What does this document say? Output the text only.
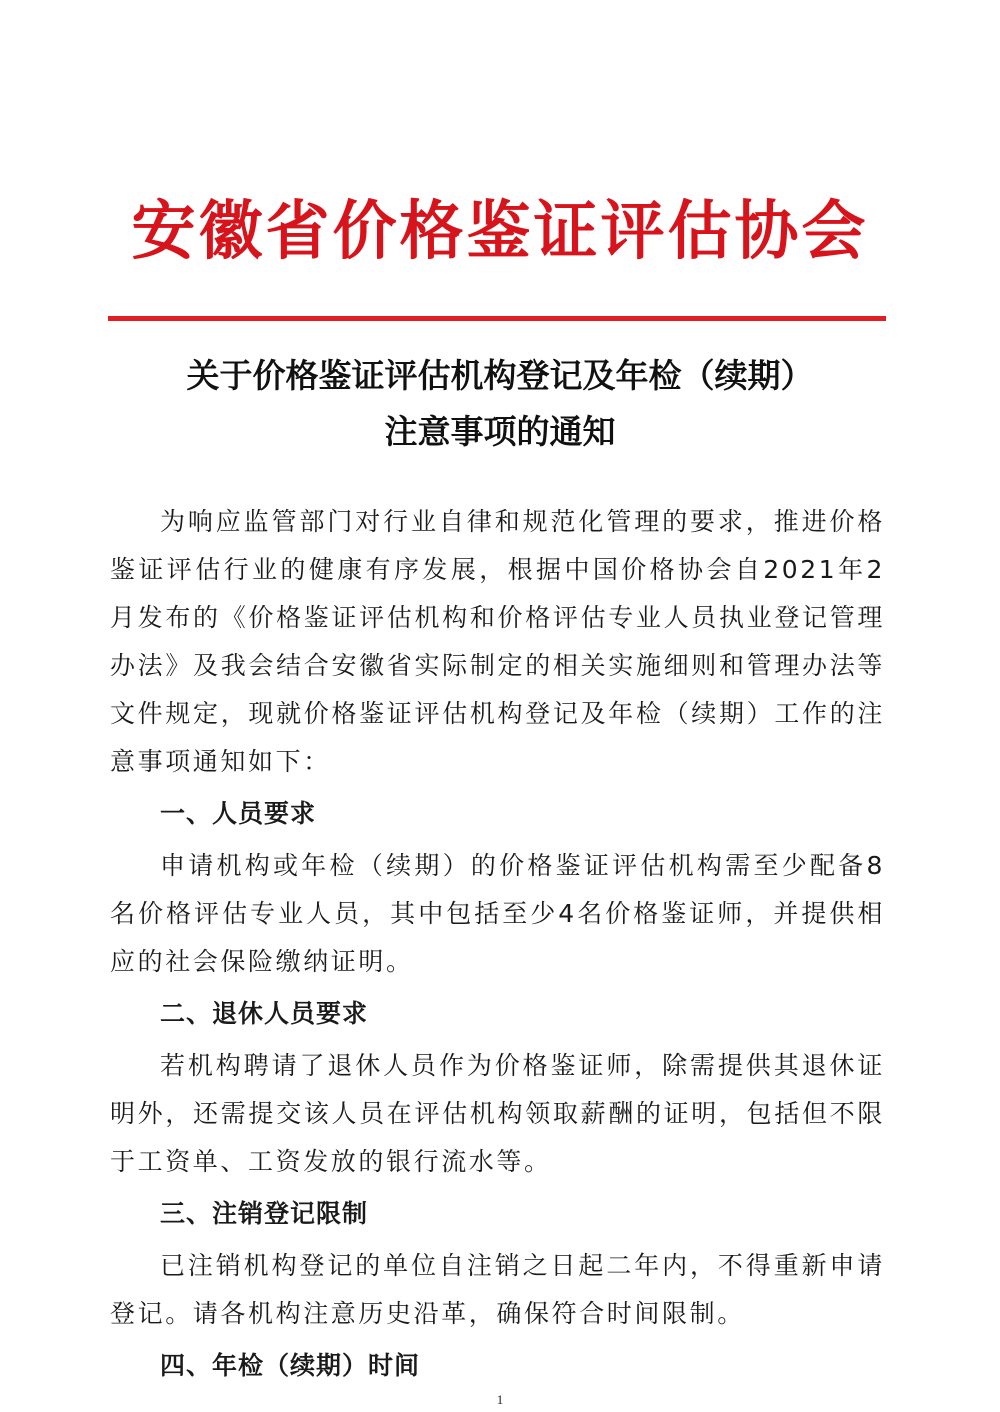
安徽省价格鉴证评估协会
关于价格鉴证评估机构登记及年检（续期）
注意事项的通知

为响应监管部门对行业自律和规范化管理的要求，推进价格鉴证评估行业的健康有序发展，根据中国价格协会自2021年2月发布的《价格鉴证评估机构和价格评估专业人员执业登记管理办法》及我会结合安徽省实际制定的相关实施细则和管理办法等文件规定，现就价格鉴证评估机构登记及年检（续期）工作的注意事项通知如下：

一、人员要求

申请机构或年检（续期）的价格鉴证评估机构需至少配备8名价格评估专业人员，其中包括至少4名价格鉴证师，并提供相应的社会保险缴纳证明。

二、退休人员要求

若机构聘请了退休人员作为价格鉴证师，除需提供其退休证明外，还需提交该人员在评估机构领取薪酬的证明，包括但不限于工资单、工资发放的银行流水等。

三、注销登记限制

已注销机构登记的单位自注销之日起二年内，不得重新申请登记。请各机构注意历史沿革，确保符合时间限制。

四、年检（续期）时间

1
